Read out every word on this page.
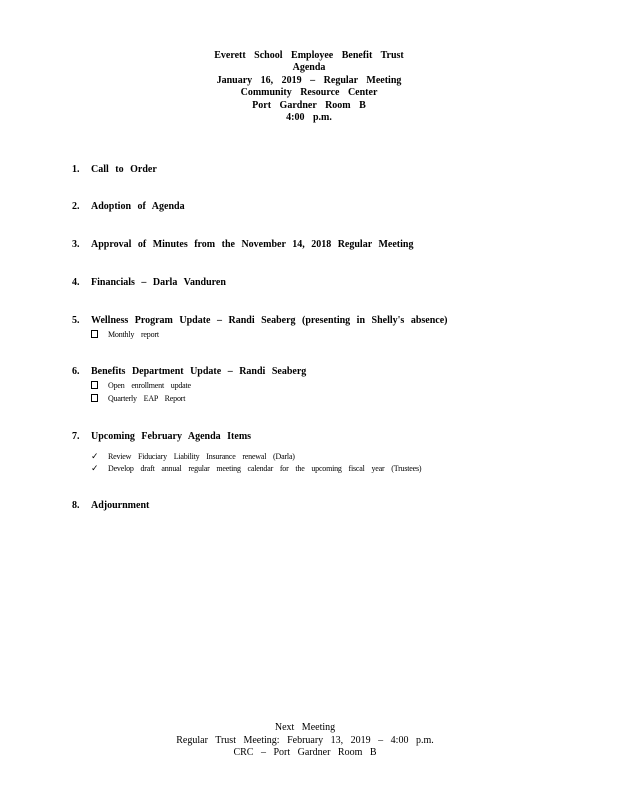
Everett School Employee Benefit Trust
Agenda
January 16, 2019 – Regular Meeting
Community Resource Center
Port Gardner Room B
4:00 p.m.
1. Call to Order
2. Adoption of Agenda
3. Approval of Minutes from the November 14, 2018 Regular Meeting
4. Financials – Darla Vanduren
5. Wellness Program Update – Randi Seaberg (presenting in Shelly's absence)
Monthly report
6. Benefits Department Update – Randi Seaberg
Open enrollment update
Quarterly EAP Report
7. Upcoming February Agenda Items
✓ Review Fiduciary Liability Insurance renewal (Darla)
✓ Develop draft annual regular meeting calendar for the upcoming fiscal year (Trustees)
8. Adjournment
Next Meeting
Regular Trust Meeting: February 13, 2019 – 4:00 p.m.
CRC – Port Gardner Room B
